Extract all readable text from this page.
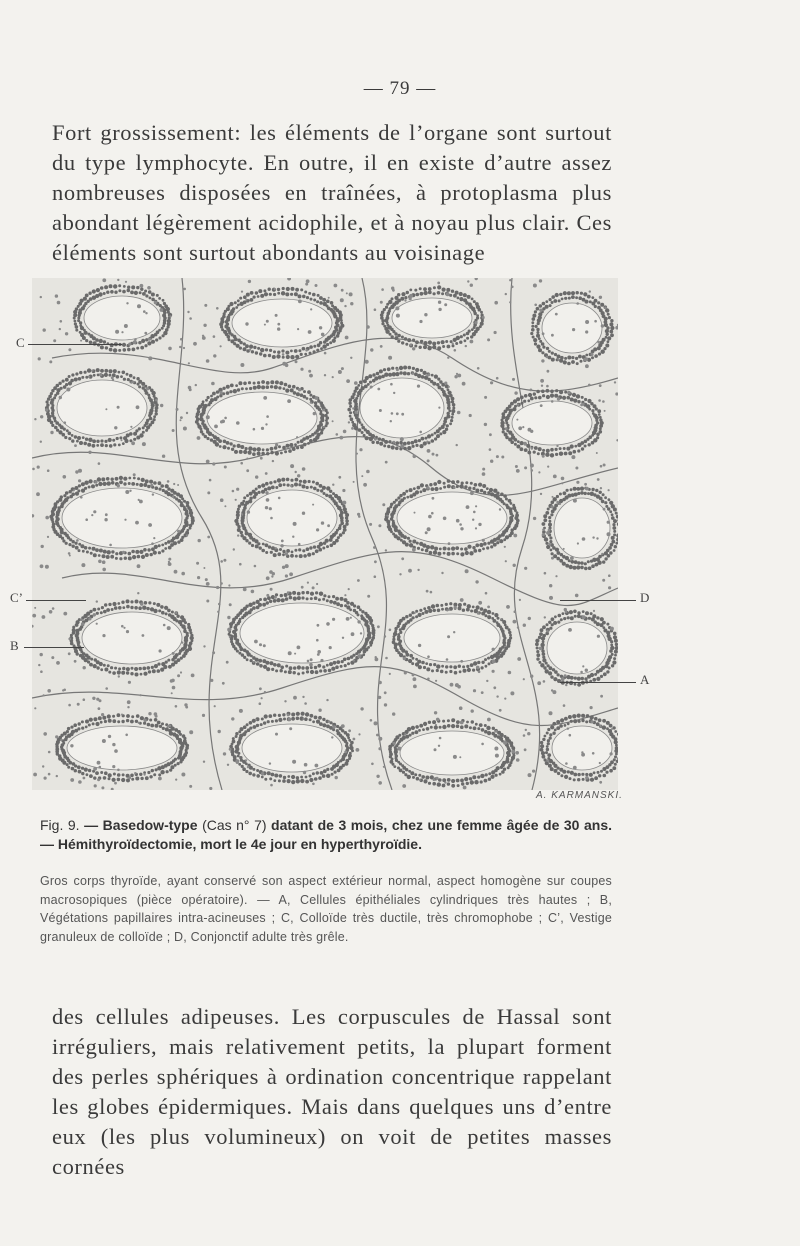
— 79 —
Fort grossissement: les éléments de l’organe sont surtout du type lymphocyte. En outre, il en existe d’autre assez nombreuses disposées en traînées, à protoplasma plus abondant légèrement acidophile, et à noyau plus clair. Ces éléments sont surtout abondants au voisinage
C
C’
B
D
A
A. KARMANSKI.
Fig. 9. — Basedow-type (Cas n° 7) datant de 3 mois, chez une femme âgée de 30 ans. — Hémithyroïdectomie, mort le 4e jour en hyperthyroïdie.
Gros corps thyroïde, ayant conservé son aspect extérieur normal, aspect homogène sur coupes macrosopiques (pièce opératoire). — A, Cellules épithéliales cylindriques très hautes ; B, Végétations papillaires intra-acineuses ; C, Colloïde très ductile, très chromophobe ; C’, Vestige granuleux de colloïde ; D, Conjonctif adulte très grêle.
des cellules adipeuses. Les corpuscules de Hassal sont irréguliers, mais relativement petits, la plupart forment des perles sphériques à ordination concentrique rappelant les globes épidermiques. Mais dans quelques uns d’entre eux (les plus volumineux) on voit de petites masses cornées
